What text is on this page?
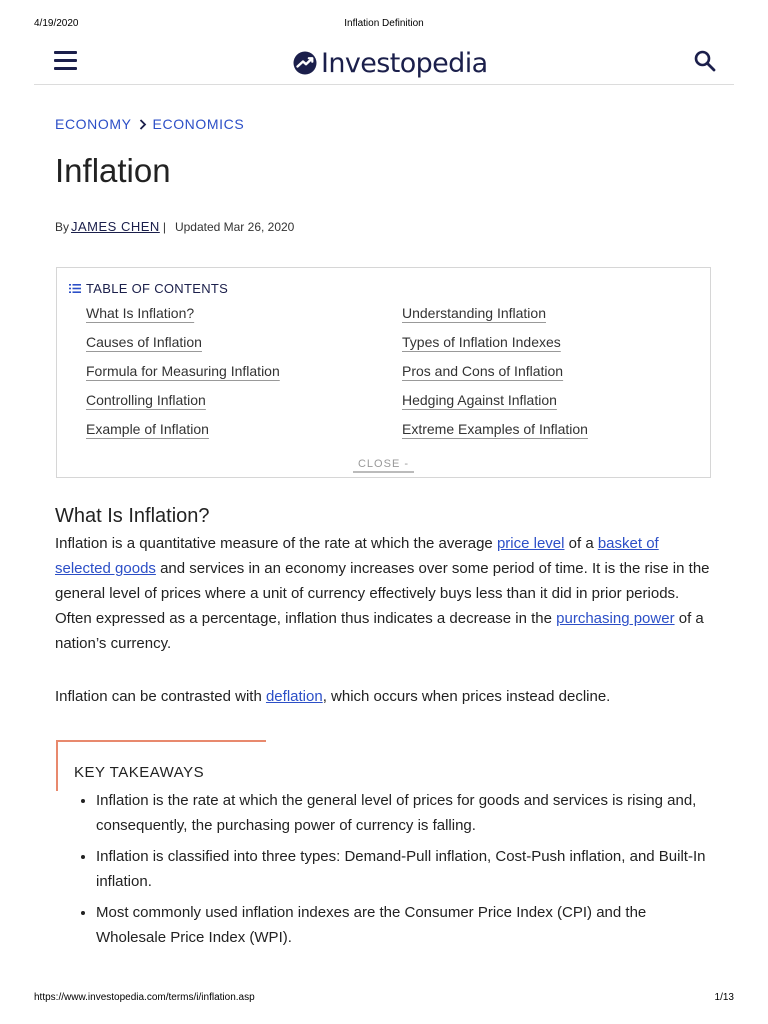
4/19/2020	Inflation Definition
Investopedia
ECONOMY ECONOMICS
Inflation
By JAMES CHEN | Updated Mar 26, 2020
TABLE OF CONTENTS
What Is Inflation?
Causes of Inflation
Formula for Measuring Inflation
Controlling Inflation
Example of Inflation
Understanding Inflation
Types of Inflation Indexes
Pros and Cons of Inflation
Hedging Against Inflation
Extreme Examples of Inflation
CLOSE -
What Is Inflation?

Inflation is a quantitative measure of the rate at which the average price level of a basket of selected goods and services in an economy increases over some period of time. It is the rise in the general level of prices where a unit of currency effectively buys less than it did in prior periods. Often expressed as a percentage, inflation thus indicates a decrease in the purchasing power of a nation’s currency.

Inflation can be contrasted with deflation, which occurs when prices instead decline.

KEY TAKEAWAYS
• Inflation is the rate at which the general level of prices for goods and services is rising and, consequently, the purchasing power of currency is falling.
• Inflation is classified into three types: Demand-Pull inflation, Cost-Push inflation, and Built-In inflation.
• Most commonly used inflation indexes are the Consumer Price Index (CPI) and the Wholesale Price Index (WPI).
https://www.investopedia.com/terms/i/inflation.asp	1/13
